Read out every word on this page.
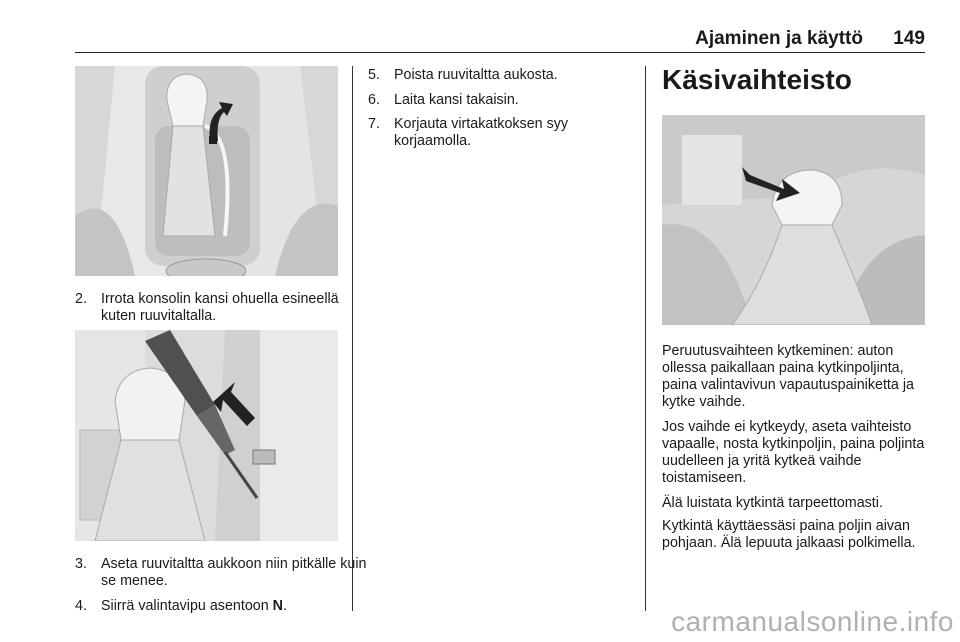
Ajaminen ja käyttö 149
2. Irrota konsolin kansi ohuella esineellä kuten ruuvitaltalla.
3. Aseta ruuvitaltta aukkoon niin pitkälle kuin se menee.
4. Siirrä valintavipu asentoon N.
5. Poista ruuvitaltta aukosta.
6. Laita kansi takaisin.
7. Korjauta virtakatkoksen syy korjaamolla.
Käsivaihteisto
Peruutusvaihteen kytkeminen: auton ollessa paikallaan paina kytkinpoljinta, paina valintavivun vapautuspainiketta ja kytke vaihde.
Jos vaihde ei kytkeydy, aseta vaihteisto vapaalle, nosta kytkinpoljin, paina poljinta uudelleen ja yritä kytkeä vaihde toistamiseen.
Älä luistata kytkintä tarpeettomasti.
Kytkintä käyttäessäsi paina poljin aivan pohjaan. Älä lepuuta jalkaasi polkimella.
carmanualsonline.info
